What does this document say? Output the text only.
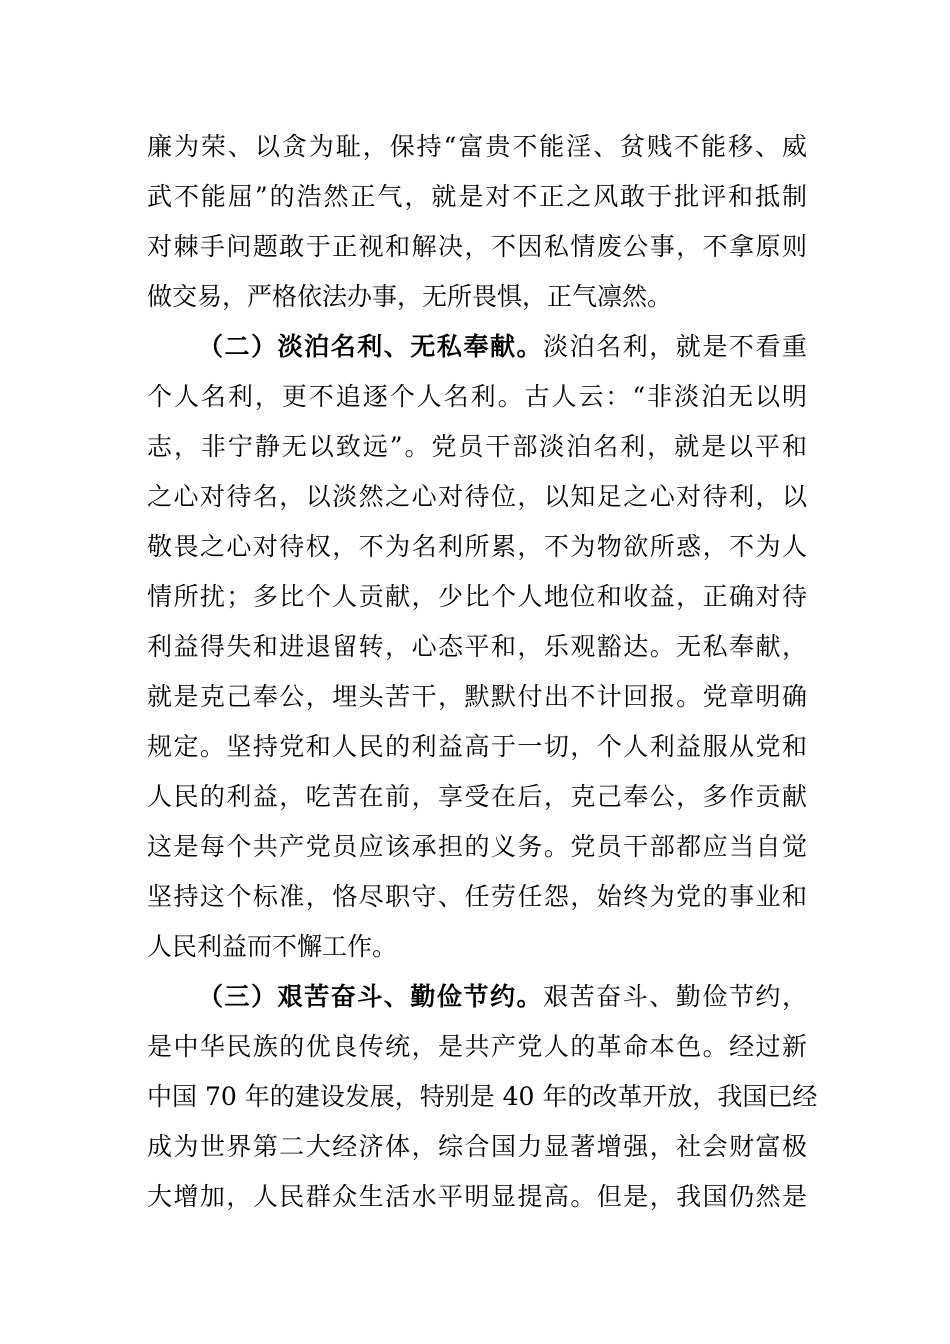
廉为荣、以贪为耻，保持“富贵不能淫、贫贱不能移、威
武不能屈”的浩然正气，就是对不正之风敢于批评和抵制
对棘手问题敢于正视和解决，不因私情废公事，不拿原则
做交易，严格依法办事，无所畏惧，正气凛然。
（二）淡泊名利、无私奉献。淡泊名利，就是不看重
个人名利，更不追逐个人名利。古人云：“非淡泊无以明
志，非宁静无以致远”。党员干部淡泊名利，就是以平和
之心对待名，以淡然之心对待位，以知足之心对待利，以
敬畏之心对待权，不为名利所累，不为物欲所惑，不为人
情所扰；多比个人贡献，少比个人地位和收益，正确对待
利益得失和进退留转，心态平和，乐观豁达。无私奉献，
就是克己奉公，埋头苦干，默默付出不计回报。党章明确
规定。坚持党和人民的利益高于一切，个人利益服从党和
人民的利益，吃苦在前，享受在后，克己奉公，多作贡献
这是每个共产党员应该承担的义务。党员干部都应当自觉
坚持这个标准，恪尽职守、任劳任怨，始终为党的事业和
人民利益而不懈工作。
（三）艰苦奋斗、勤俭节约。艰苦奋斗、勤俭节约，
是中华民族的优良传统，是共产党人的革命本色。经过新
中国 70 年的建设发展，特别是 40 年的改革开放，我国已经
成为世界第二大经济体，综合国力显著增强，社会财富极
大增加，人民群众生活水平明显提高。但是，我国仍然是
